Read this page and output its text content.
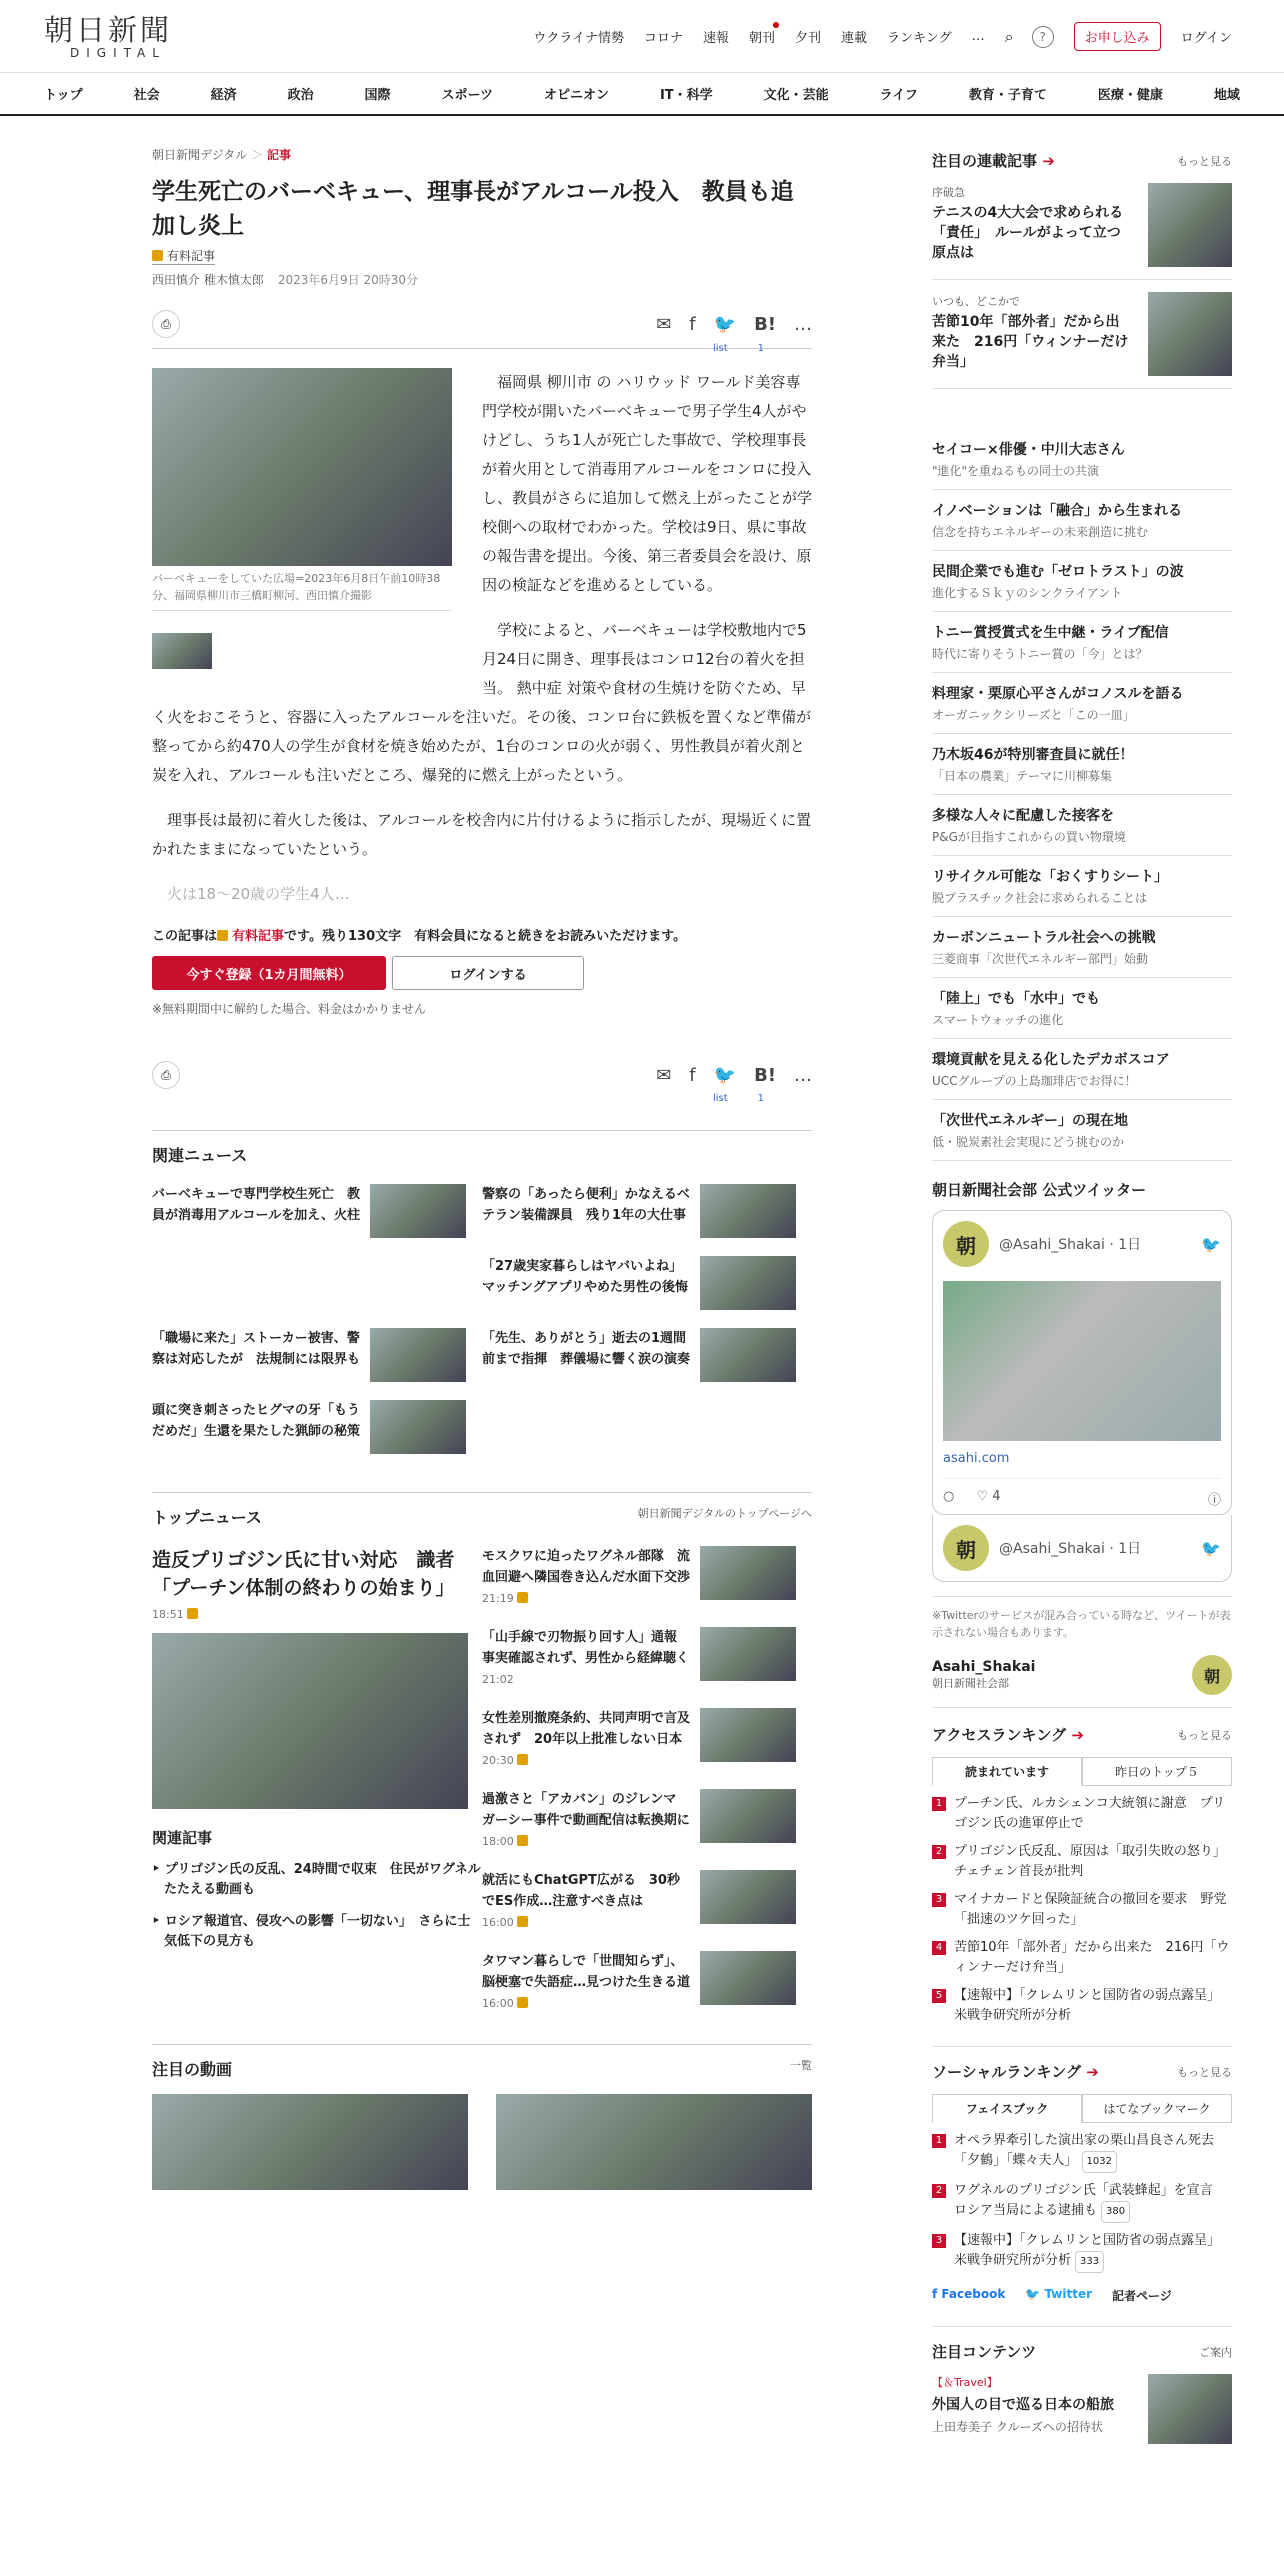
朝日新聞
DIGITAL
ウクライナ情勢 コロナ 速報 朝刊 夕刊 連載 ランキング … ⌕	?	お申し込み	ログイン
トップ	社会	経済	政治	国際	スポーツ	オピニオン	IT・科学	文化・芸能	ライフ	教育・子育て	医療・健康	地域
朝日新聞デジタル ＞ 記事
学生死亡のバーベキュー、理事長がアルコール投入　教員も追加し炎上
有料記事
西田慎介 稚木慎太郎 2023年6月9日 20時30分
⎙	✉ f 🐦 B! …
list	1
バーベキューをしていた広場=2023年6月8日午前10時38分、福岡県柳川市三橋町柳河、西田慎介撮影

福岡県 柳川市 の ハリウッド ワールド美容専門学校が開いたバーベキューで男子学生4人がやけどし、うち1人が死亡した事故で、学校理事長が着火用として消毒用アルコールをコンロに投入し、教員がさらに追加して燃え上がったことが学校側への取材でわかった。学校は9日、県に事故の報告書を提出。今後、第三者委員会を設け、原因の検証などを進めるとしている。

学校によると、バーベキューは学校敷地内で5月24日に開き、理事長はコンロ12台の着火を担当。 熱中症 対策や食材の生焼けを防ぐため、早く火をおこそうと、容器に入ったアルコールを注いだ。その後、コンロ台に鉄板を置くなど準備が整ってから約470人の学生が食材を焼き始めたが、1台のコンロの火が弱く、男性教員が着火剤と炭を入れ、アルコールも注いだところ、爆発的に燃え上がったという。

理事長は最初に着火した後は、アルコールを校舎内に片付けるように指示したが、現場近くに置かれたままになっていたという。

火は18～20歳の学生4人…

この記事は 有料記事です。残り130文字　有料会員になると続きをお読みいただけます。
今すぐ登録（1カ月間無料）	ログインする
※無料期間中に解約した場合、料金はかかりません
⎙	✉ f 🐦 B! …
list	1
関連ニュース
バーベキューで専門学校生死亡　教員が消毒用アルコールを加え、火柱
警察の「あったら便利」かなえるベテラン装備課員　残り1年の大仕事
「27歳実家暮らしはヤバいよね」マッチングアプリやめた男性の後悔
「職場に来た」ストーカー被害、警察は対応したが　法規制には限界も
「先生、ありがとう」逝去の1週間前まで指揮　葬儀場に響く涙の演奏
頭に突き刺さったヒグマの牙「もうだめだ」生還を果たした猟師の秘策
トップニュース	朝日新聞デジタルのトップページへ
造反プリゴジン氏に甘い対応　識者「プーチン体制の終わりの始まり」
18:51
関連記事
‣ プリゴジン氏の反乱、24時間で収束　住民がワグネルたたえる動画も
‣ ロシア報道官、侵攻への影響「一切ない」　さらに士気低下の見方も
モスクワに迫ったワグネル部隊　流血回避へ隣国巻き込んだ水面下交渉
21:19
「山手線で刃物振り回す人」通報　事実確認されず、男性から経緯聴く
21:02
女性差別撤廃条約、共同声明で言及されず　20年以上批准しない日本
20:30
過激さと「アカバン」のジレンマ　ガーシー事件で動画配信は転換期に
18:00
就活にもChatGPT広がる　30秒でES作成…注意すべき点は
16:00
タワマン暮らしで「世間知らず」、脳梗塞で失語症…見つけた生きる道
16:00
注目の動画	一覧
注目の連載記事 ➔	もっと見る
序破急
テニスの4大大会で求められる「責任」　ルールがよって立つ原点は
いつも、どこかで
苦節10年「部外者」だから出来た　216円「ウィンナーだけ弁当」
セイコー×俳優・中川大志さん
"進化"を重ねるもの同士の共演
イノベーションは「融合」から生まれる
信念を持ちエネルギーの未来創造に挑む
民間企業でも進む「ゼロトラスト」の波
進化するＳｋｙのシンクライアント
トニー賞授賞式を生中継・ライブ配信
時代に寄りそうトニー賞の「今」とは？
料理家・栗原心平さんがコノスルを語る
オーガニックシリーズと「この一皿」
乃木坂46が特別審査員に就任！
「日本の農業」テーマに川柳募集
多様な人々に配慮した接客を
P&Gが目指すこれからの買い物環境
リサイクル可能な「おくすりシート」
脱プラスチック社会に求められることは
カーボンニュートラル社会への挑戦
三菱商事「次世代エネルギー部門」始動
「陸上」でも「水中」でも
スマートウォッチの進化
環境貢献を見える化したデカボスコア
UCCグループの上島珈琲店でお得に！
「次世代エネルギー」の現在地
低・脱炭素社会実現にどう挑むのか
朝日新聞社会部 公式ツイッター
朝	@Asahi_Shakai · 1日	🐦
asahi.com
○ ♡ 4	ⓘ
朝	@Asahi_Shakai · 1日	🐦
※Twitterのサービスが混み合っている時など、ツイートが表示されない場合もあります。
Asahi_Shakai
朝日新聞社会部	朝
アクセスランキング ➔	もっと見る
読まれています	昨日のトップ５
1 プーチン氏、ルカシェンコ大統領に謝意　プリゴジン氏の進軍停止で
2 プリゴジン氏反乱、原因は「取引失敗の怒り」　チェチェン首長が批判
3 マイナカードと保険証統合の撤回を要求　野党「拙速のツケ回った」
4 苦節10年「部外者」だから出来た　216円「ウィンナーだけ弁当」
5 【速報中】「クレムリンと国防省の弱点露呈」　米戦争研究所が分析
ソーシャルランキング ➔	もっと見る
フェイスブック	はてなブックマーク
1 オペラ界牽引した演出家の栗山昌良さん死去　「夕鶴」「蝶々夫人」 1032
2 ワグネルのプリゴジン氏「武装蜂起」を宣言　ロシア当局による逮捕も 380
3 【速報中】「クレムリンと国防省の弱点露呈」　米戦争研究所が分析 333
f Facebook 🐦 Twitter 記者ページ
注目コンテンツ	ご案内
【＆Travel】
外国人の目で巡る日本の船旅
上田寿美子 クルーズへの招待状
